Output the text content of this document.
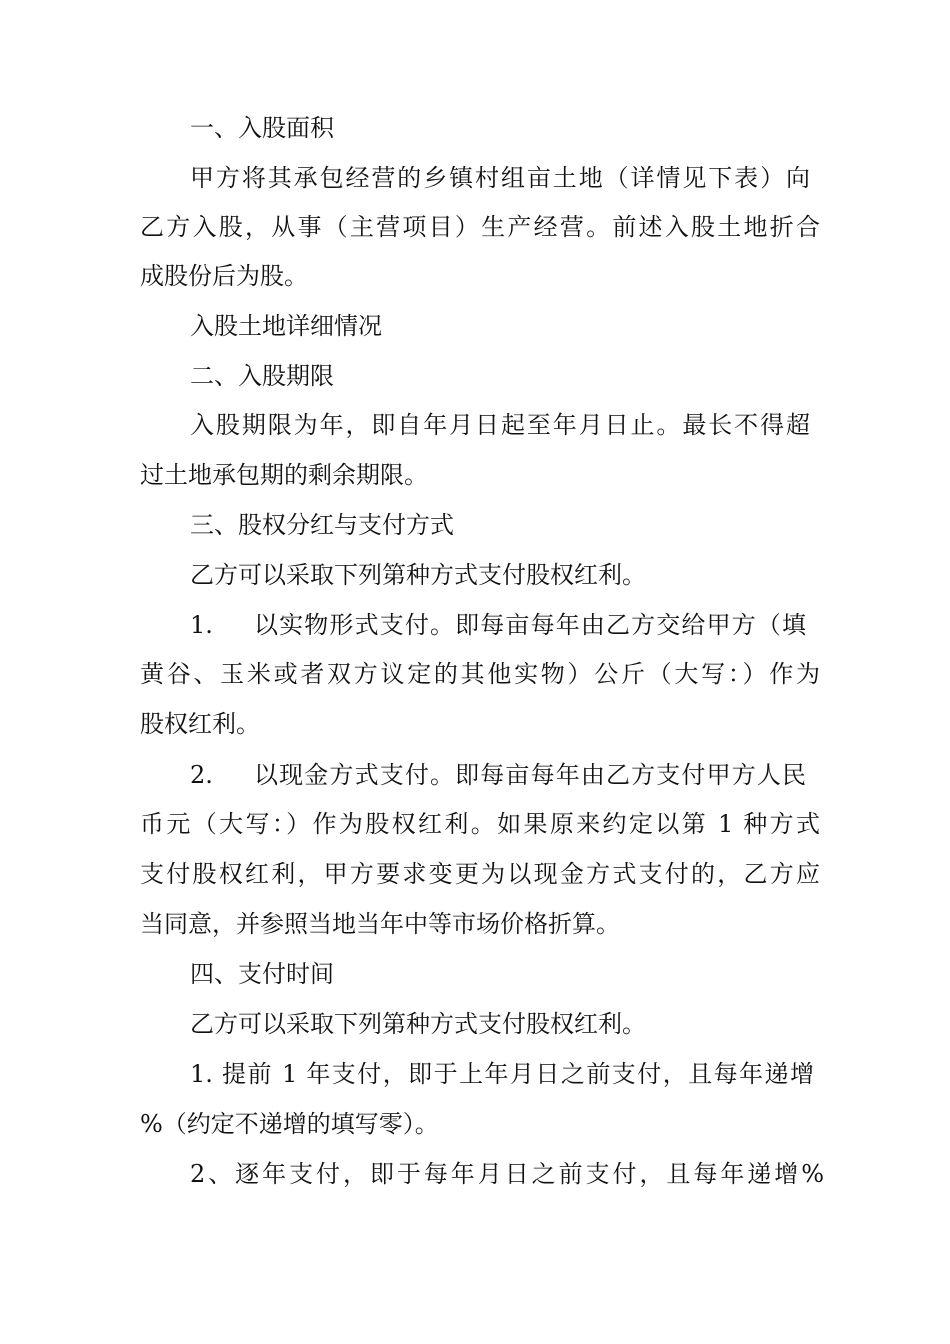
一、入股面积

甲方将其承包经营的乡镇村组亩土地（详情见下表）向

乙方入股，从事（主营项目）生产经营。前述入股土地折合

成股份后为股。

入股土地详细情况

二、入股期限

入股期限为年，即自年月日起至年月日止。最长不得超

过土地承包期的剩余期限。

三、股权分红与支付方式

乙方可以采取下列第种方式支付股权红利。

1. 以实物形式支付。即每亩每年由乙方交给甲方（填

黄谷、玉米或者双方议定的其他实物）公斤（大写：）作为

股权红利。

2. 以现金方式支付。即每亩每年由乙方支付甲方人民

币元（大写：）作为股权红利。如果原来约定以第 1 种方式

支付股权红利，甲方要求变更为以现金方式支付的，乙方应

当同意，并参照当地当年中等市场价格折算。

四、支付时间

乙方可以采取下列第种方式支付股权红利。

1. 提前 1 年支付，即于上年月日之前支付，且每年递增

%（约定不递增的填写零）。

2、逐年支付，即于每年月日之前支付，且每年递增%
